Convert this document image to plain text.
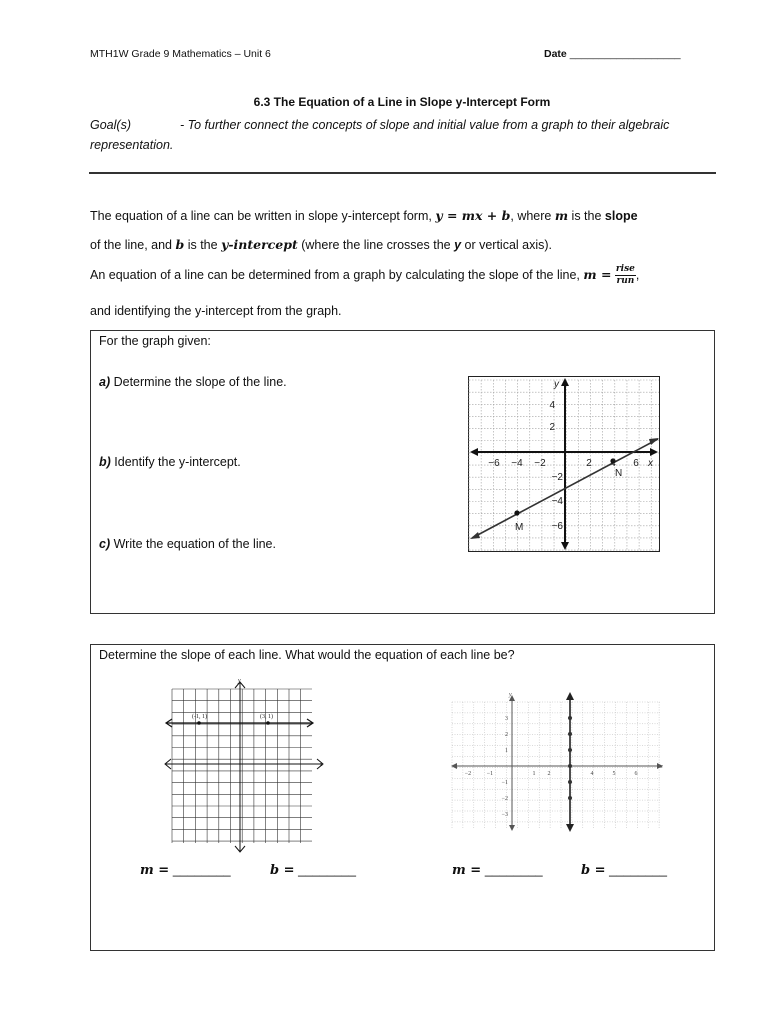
MTH1W Grade 9 Mathematics – Unit 6	Date ___________________
6.3 The Equation of a Line in Slope y-Intercept Form
Goal(s)	- To further connect the concepts of slope and initial value from a graph to their algebraic representation.
The equation of a line can be written in slope y-intercept form, y = mx + b, where m is the slope
of the line, and b is the y-intercept (where the line crosses the y or vertical axis).
An equation of a line can be determined from a graph by calculating the slope of the line, $m = \frac{\text{rise}}{\text{run}}$ ,
and identifying the y-intercept from the graph.
For the graph given:
a) Determine the slope of the line.
b) Identify the y-intercept.
c) Write the equation of the line.
y
x
4
2
−2
−4
−6
−6 −4 −2	2 4 6
M
N
Determine the slope of each line. What would the equation of each line be?
y
x
(-1, 1)	(3, 1)
y
x
3
2
1
−1
−2
−3
−2	−1	1 2	4	5	6
m = ________	b = ________	m = ________	b = ________
